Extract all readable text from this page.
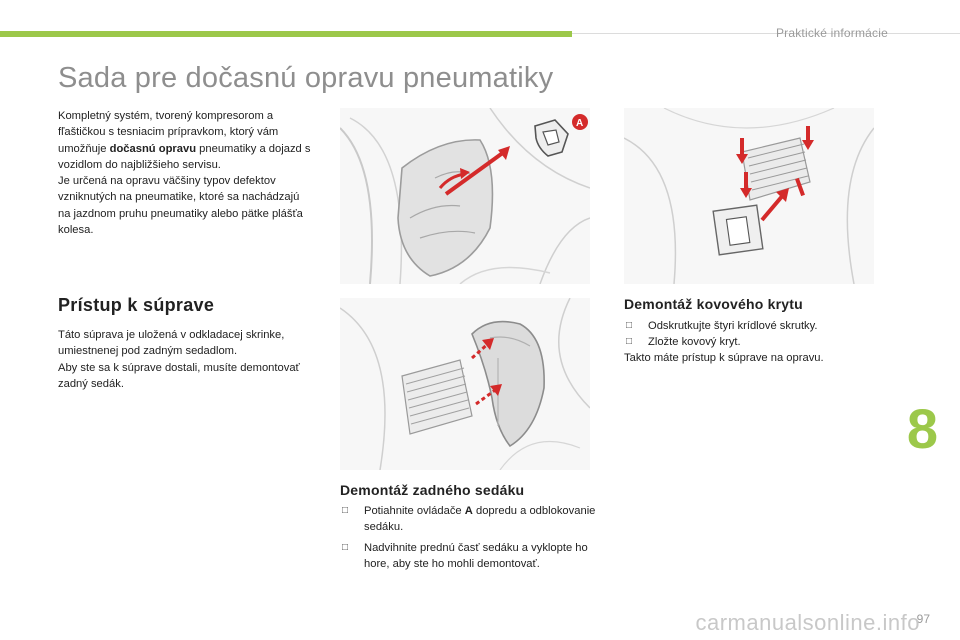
Praktické informácie
Sada pre dočasnú opravu pneumatiky

Kompletný systém, tvorený kompresorom a fľaštičkou s tesniacim prípravkom, ktorý vám umožňuje dočasnú opravu pneumatiky a dojazd s vozidlom do najbližšieho servisu.

Je určená na opravu väčšiny typov defektov vzniknutých na pneumatike, ktoré sa nachádzajú na jazdnom pruhu pneumatiky alebo pätke plášťa kolesa.

Prístup k súprave

Táto súprava je uložená v odkladacej skrinke, umiestnenej pod zadným sedadlom.

Aby ste sa k súprave dostali, musíte demontovať zadný sedák.

A
Demontáž zadného sedáku
□ Potiahnite ovládače A dopredu a odblokovanie sedáku.
□ Nadvihnite prednú časť sedáku a vyklopte ho hore, aby ste ho mohli demontovať.
Demontáž kovového krytu
□ Odskrutkujte štyri krídlové skrutky.
□ Zložte kovový kryt.
Takto máte prístup k súprave na opravu.
8
97
carmanualsonline.info
